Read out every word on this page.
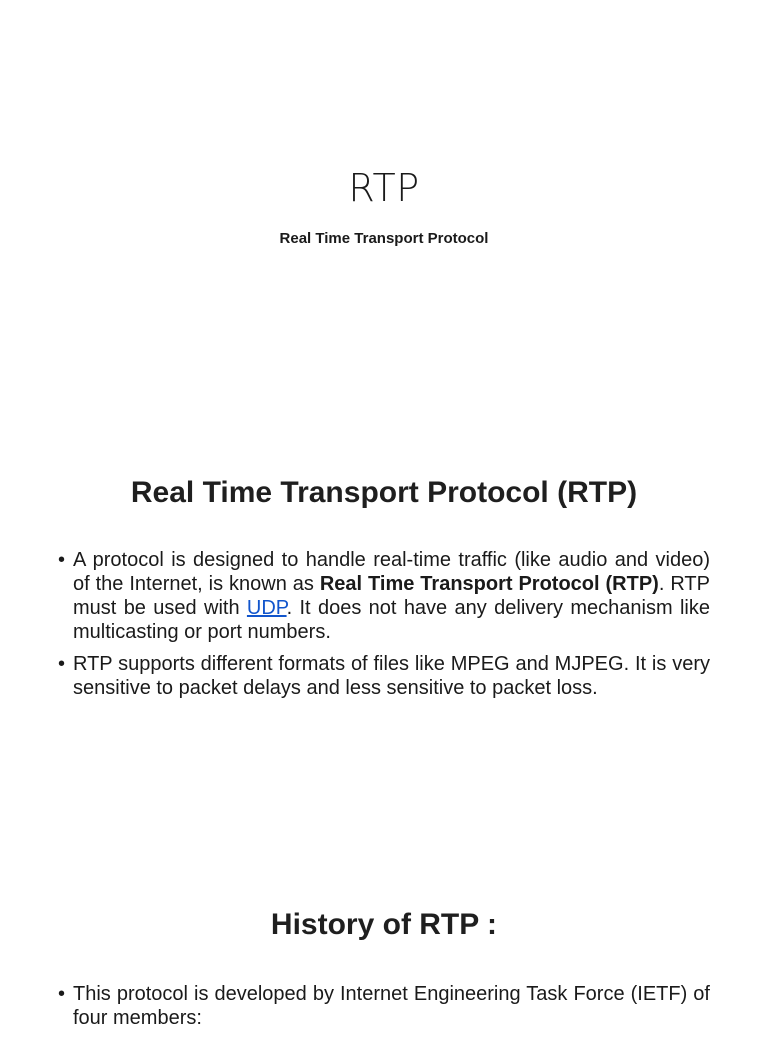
RTP
Real Time Transport Protocol
Real Time Transport Protocol (RTP)
• A protocol is designed to handle real-time traffic (like audio and video) of the Internet, is known as Real Time Transport Protocol (RTP). RTP must be used with UDP. It does not have any delivery mechanism like multicasting or port numbers.
• RTP supports different formats of files like MPEG and MJPEG. It is very sensitive to packet delays and less sensitive to packet loss.
History of RTP :
• This protocol is developed by Internet Engineering Task Force (IETF) of four members:
